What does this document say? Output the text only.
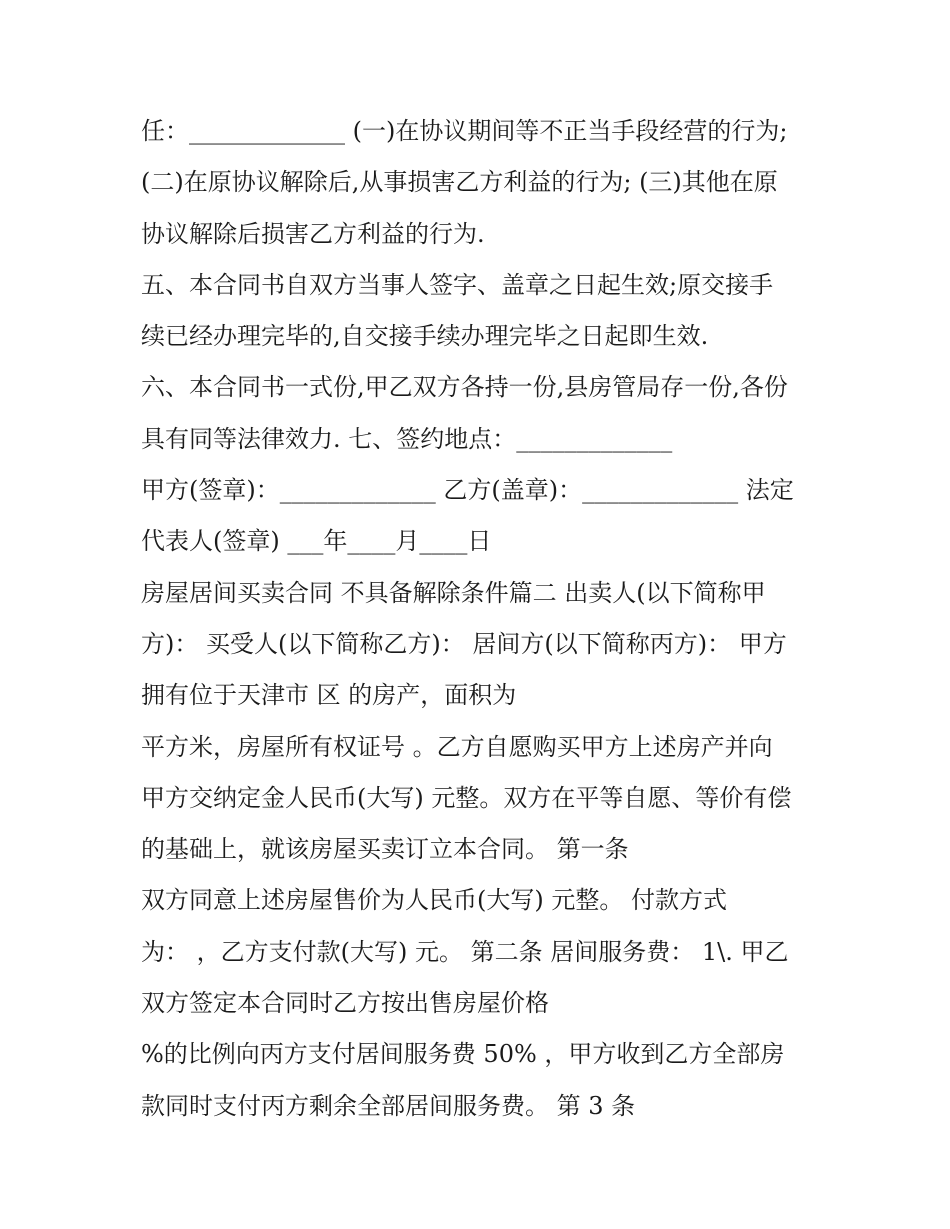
任：_____________ (一)在协议期间等不正当手段经营的行为;
(二)在原协议解除后,从事损害乙方利益的行为; (三)其他在原
协议解除后损害乙方利益的行为.
五、本合同书自双方当事人签字、盖章之日起生效;原交接手
续已经办理完毕的,自交接手续办理完毕之日起即生效.
六、本合同书一式份,甲乙双方各持一份,县房管局存一份,各份
具有同等法律效力. 七、签约地点：_____________
甲方(签章)：_____________ 乙方(盖章)：_____________ 法定
代表人(签章) ___年____月____日
房屋居间买卖合同 不具备解除条件篇二 出卖人(以下简称甲
方)： 买受人(以下简称乙方)： 居间方(以下简称丙方)： 甲方
拥有位于天津市 区 的房产，面积为
平方米，房屋所有权证号 。乙方自愿购买甲方上述房产并向
甲方交纳定金人民币(大写) 元整。双方在平等自愿、等价有偿
的基础上，就该房屋买卖订立本合同。 第一条
双方同意上述房屋售价为人民币(大写) 元整。 付款方式
为： ，乙方支付款(大写) 元。 第二条 居间服务费： 1\. 甲乙
双方签定本合同时乙方按出售房屋价格
%的比例向丙方支付居间服务费 50% ，甲方收到乙方全部房
款同时支付丙方剩余全部居间服务费。 第 3 条
